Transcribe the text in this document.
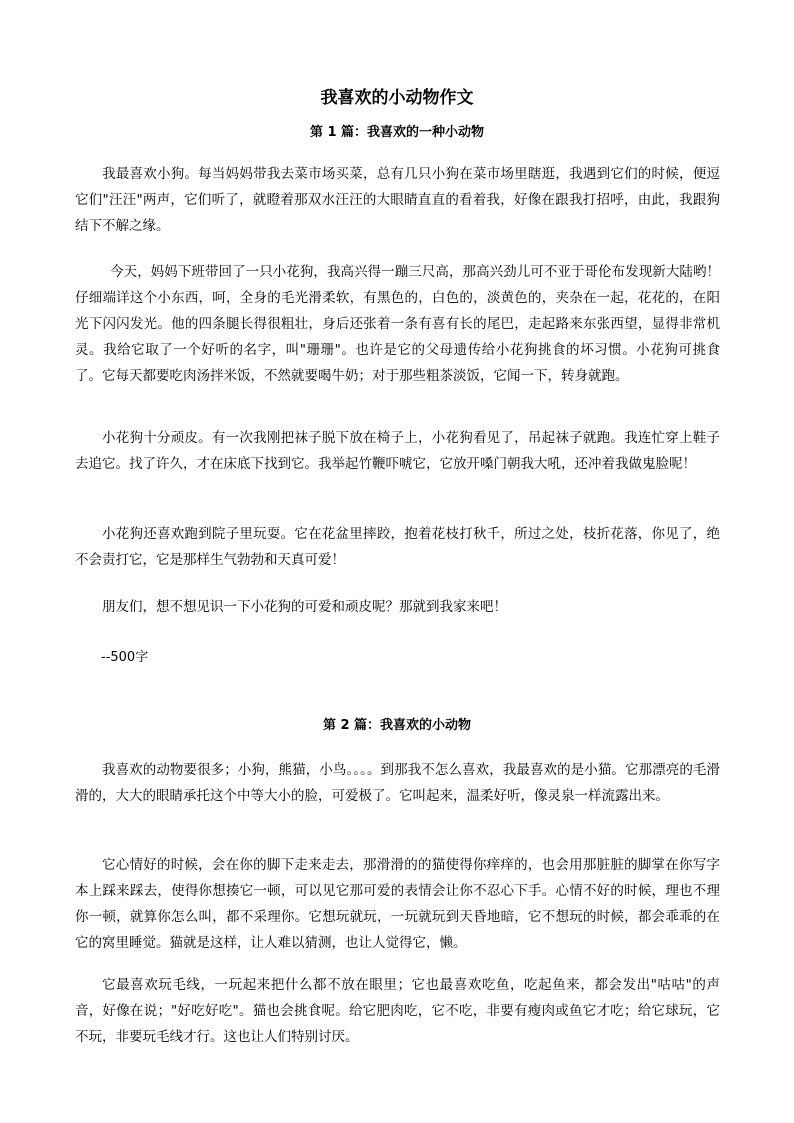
我喜欢的小动物作文
第 1 篇：我喜欢的一种小动物

我最喜欢小狗。每当妈妈带我去菜市场买菜，总有几只小狗在菜市场里瞎逛，我遇到它们的时候，便逗它们"汪汪"两声，它们听了，就瞪着那双水汪汪的大眼睛直直的看着我，好像在跟我打招呼，由此，我跟狗结下不解之缘。

今天，妈妈下班带回了一只小花狗，我高兴得一蹦三尺高，那高兴劲儿可不亚于哥伦布发现新大陆哟！仔细端详这个小东西，呵，全身的毛光滑柔软，有黑色的，白色的，淡黄色的，夹杂在一起，花花的，在阳光下闪闪发光。他的四条腿长得很粗壮，身后还张着一条有喜有长的尾巴，走起路来东张西望，显得非常机灵。我给它取了一个好听的名字，叫"珊珊"。也许是它的父母遗传给小花狗挑食的坏习惯。小花狗可挑食了。它每天都要吃肉汤拌米饭，不然就要喝牛奶；对于那些粗茶淡饭，它闻一下，转身就跑。

小花狗十分顽皮。有一次我刚把袜子脱下放在椅子上，小花狗看见了，吊起袜子就跑。我连忙穿上鞋子去追它。找了许久，才在床底下找到它。我举起竹鞭吓唬它，它放开嗓门朝我大吼，还冲着我做鬼脸呢！

小花狗还喜欢跑到院子里玩耍。它在花盆里摔跤，抱着花枝打秋千，所过之处，枝折花落，你见了，绝不会责打它，它是那样生气勃勃和天真可爱！

朋友们，想不想见识一下小花狗的可爱和顽皮呢？那就到我家来吧！

--500字

第 2 篇：我喜欢的小动物

我喜欢的动物要很多；小狗，熊猫，小鸟。。。。到那我不怎么喜欢，我最喜欢的是小猫。它那漂亮的毛滑滑的，大大的眼睛承托这个中等大小的脸，可爱极了。它叫起来，温柔好听，像灵泉一样流露出来。

它心情好的时候，会在你的脚下走来走去，那滑滑的的猫使得你痒痒的，也会用那脏脏的脚掌在你写字本上踩来踩去，使得你想揍它一顿，可以见它那可爱的表情会让你不忍心下手。心情不好的时候，理也不理你一顿，就算你怎么叫，都不采理你。它想玩就玩，一玩就玩到天昏地暗，它不想玩的时候，都会乖乖的在它的窝里睡觉。猫就是这样，让人难以猜测，也让人觉得它，懒。

它最喜欢玩毛线，一玩起来把什么都不放在眼里；它也最喜欢吃鱼，吃起鱼来，都会发出"咕咕"的声音，好像在说；"好吃好吃"。猫也会挑食呢。给它肥肉吃，它不吃，非要有瘦肉或鱼它才吃；给它球玩，它不玩，非要玩毛线才行。这也让人们特别讨厌。
